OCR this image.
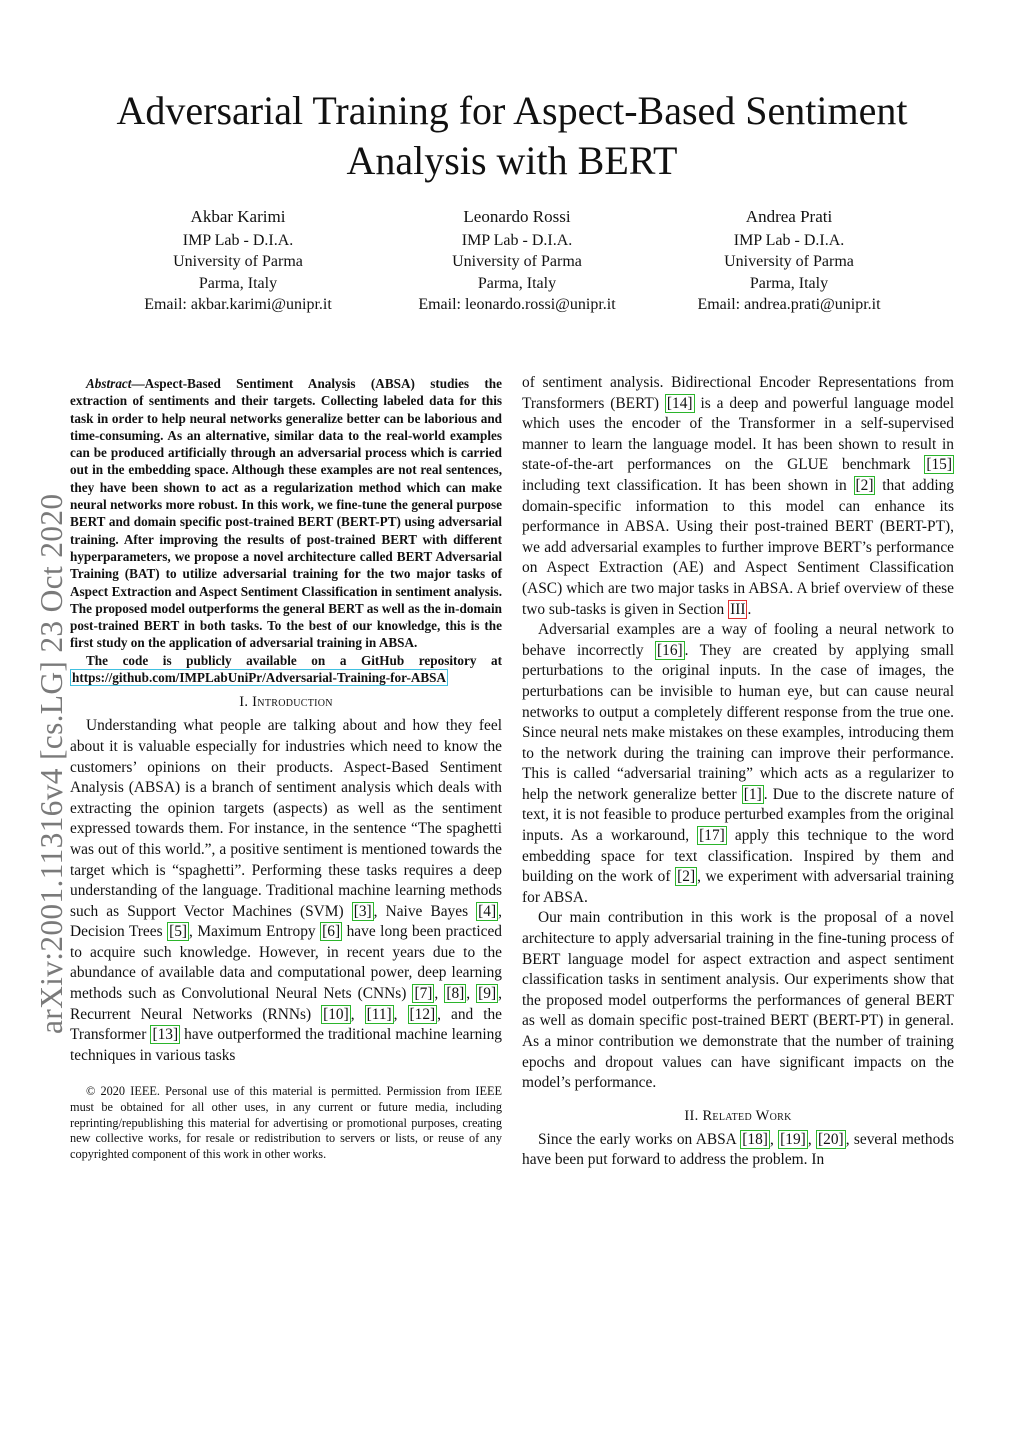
Adversarial Training for Aspect-Based Sentiment Analysis with BERT
Akbar Karimi
IMP Lab - D.I.A.
University of Parma
Parma, Italy
Email: akbar.karimi@unipr.it
Leonardo Rossi
IMP Lab - D.I.A.
University of Parma
Parma, Italy
Email: leonardo.rossi@unipr.it
Andrea Prati
IMP Lab - D.I.A.
University of Parma
Parma, Italy
Email: andrea.prati@unipr.it
arXiv:2001.11316v4 [cs.LG] 23 Oct 2020

Abstract—Aspect-Based Sentiment Analysis (ABSA) studies the extraction of sentiments and their targets. Collecting labeled data for this task in order to help neural networks generalize better can be laborious and time-consuming. As an alternative, similar data to the real-world examples can be produced artificially through an adversarial process which is carried out in the embedding space. Although these examples are not real sentences, they have been shown to act as a regularization method which can make neural networks more robust. In this work, we fine-tune the general purpose BERT and domain specific post-trained BERT (BERT-PT) using adversarial training. After improving the results of post-trained BERT with different hyperparameters, we propose a novel architecture called BERT Adversarial Training (BAT) to utilize adversarial training for the two major tasks of Aspect Extraction and Aspect Sentiment Classification in sentiment analysis. The proposed model outperforms the general BERT as well as the in-domain post-trained BERT in both tasks. To the best of our knowledge, this is the first study on the application of adversarial training in ABSA.

The code is publicly available on a GitHub repository at https://github.com/IMPLabUniPr/Adversarial-Training-for-ABSA

I. Introduction

Understanding what people are talking about and how they feel about it is valuable especially for industries which need to know the customers’ opinions on their products. Aspect-Based Sentiment Analysis (ABSA) is a branch of sentiment analysis which deals with extracting the opinion targets (aspects) as well as the sentiment expressed towards them. For instance, in the sentence “The spaghetti was out of this world.”, a positive sentiment is mentioned towards the target which is “spaghetti”. Performing these tasks requires a deep understanding of the language. Traditional machine learning methods such as Support Vector Machines (SVM) [3] , Naive Bayes [4] , Decision Trees [5] , Maximum Entropy [6] have long been practiced to acquire such knowledge. However, in recent years due to the abundance of available data and computational power, deep learning methods such as Convolutional Neural Nets (CNNs) [7] , [8] , [9] , Recurrent Neural Networks (RNNs) [10] , [11] , [12] , and the Transformer [13] have outperformed the traditional machine learning techniques in various tasks

© 2020 IEEE. Personal use of this material is permitted. Permission from IEEE must be obtained for all other uses, in any current or future media, including reprinting/republishing this material for advertising or promotional purposes, creating new collective works, for resale or redistribution to servers or lists, or reuse of any copyrighted component of this work in other works.

of sentiment analysis. Bidirectional Encoder Representations from Transformers (BERT) [14] is a deep and powerful language model which uses the encoder of the Transformer in a self-supervised manner to learn the language model. It has been shown to result in state-of-the-art performances on the GLUE benchmark [15] including text classification. It has been shown in [2] that adding domain-specific information to this model can enhance its performance in ABSA. Using their post-trained BERT (BERT-PT), we add adversarial examples to further improve BERT’s performance on Aspect Extraction (AE) and Aspect Sentiment Classification (ASC) which are two major tasks in ABSA. A brief overview of these two sub-tasks is given in Section III .

Adversarial examples are a way of fooling a neural network to behave incorrectly [16] . They are created by applying small perturbations to the original inputs. In the case of images, the perturbations can be invisible to human eye, but can cause neural networks to output a completely different response from the true one. Since neural nets make mistakes on these examples, introducing them to the network during the training can improve their performance. This is called “adversarial training” which acts as a regularizer to help the network generalize better [1] . Due to the discrete nature of text, it is not feasible to produce perturbed examples from the original inputs. As a workaround, [17] apply this technique to the word embedding space for text classification. Inspired by them and building on the work of [2] , we experiment with adversarial training for ABSA.

Our main contribution in this work is the proposal of a novel architecture to apply adversarial training in the fine-tuning process of BERT language model for aspect extraction and aspect sentiment classification tasks in sentiment analysis. Our experiments show that the proposed model outperforms the performances of general BERT as well as domain specific post-trained BERT (BERT-PT) in general. As a minor contribution we demonstrate that the number of training epochs and dropout values can have significant impacts on the model’s performance.

II. Related Work

Since the early works on ABSA [18] , [19] , [20] , several methods have been put forward to address the problem. In
